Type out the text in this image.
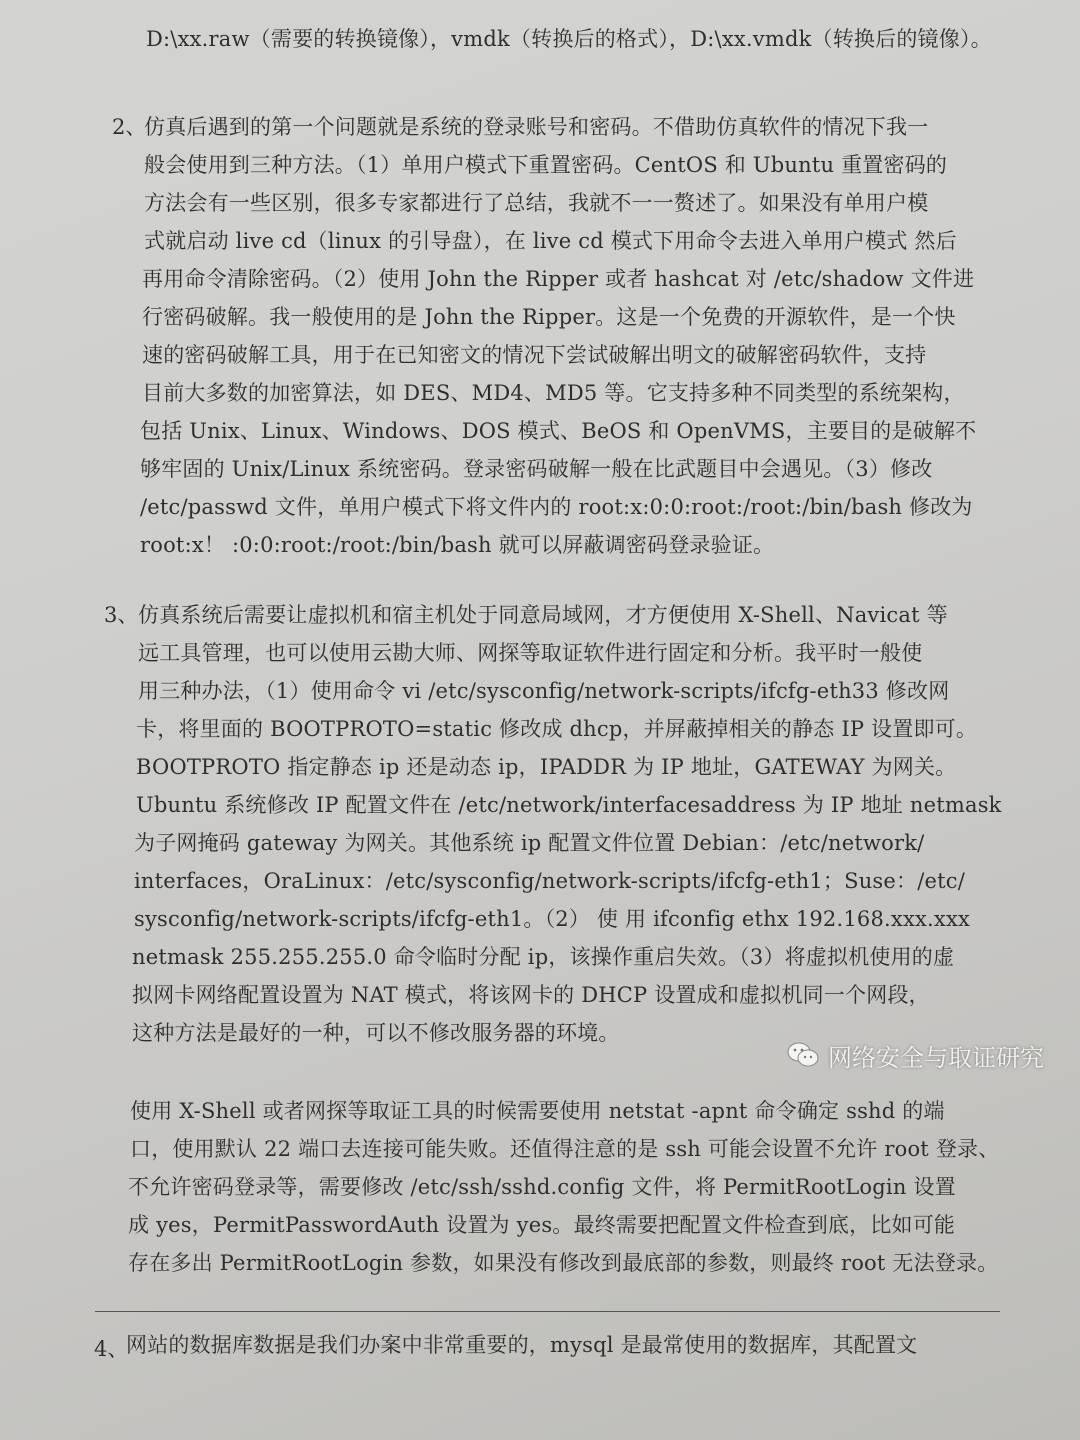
D:\xx.raw（需要的转换镜像），vmdk（转换后的格式），D:\xx.vmdk（转换后的镜像）。
2、
仿真后遇到的第一个问题就是系统的登录账号和密码。不借助仿真软件的情况下我一
般会使用到三种方法。（1）单用户模式下重置密码。CentOS 和 Ubuntu 重置密码的
方法会有一些区别，很多专家都进行了总结，我就不一一赘述了。如果没有单用户模
式就启动 live cd（linux 的引导盘），在 live cd 模式下用命令去进入单用户模式 然后
再用命令清除密码。（2）使用 John the Ripper 或者 hashcat 对 /etc/shadow 文件进
行密码破解。我一般使用的是 John the Ripper。这是一个免费的开源软件，是一个快
速的密码破解工具，用于在已知密文的情况下尝试破解出明文的破解密码软件，支持
目前大多数的加密算法，如 DES、MD4、MD5 等。它支持多种不同类型的系统架构，
包括 Unix、Linux、Windows、DOS 模式、BeOS 和 OpenVMS，主要目的是破解不
够牢固的 Unix/Linux 系统密码。登录密码破解一般在比武题目中会遇见。（3）修改
/etc/passwd 文件，单用户模式下将文件内的 root:x:0:0:root:/root:/bin/bash 修改为
root:x！ :0:0:root:/root:/bin/bash 就可以屏蔽调密码登录验证。
3、 仿真系统后需要让虚拟机和宿主机处于同意局域网，才方便使用 X-Shell、Navicat 等
远工具管理，也可以使用云勘大师、网探等取证软件进行固定和分析。我平时一般使
用三种办法，（1）使用命令 vi /etc/sysconfig/network-scripts/ifcfg-eth33 修改网
卡，将里面的 BOOTPROTO=static 修改成 dhcp，并屏蔽掉相关的静态 IP 设置即可。
BOOTPROTO 指定静态 ip 还是动态 ip，IPADDR 为 IP 地址，GATEWAY 为网关。
Ubuntu 系统修改 IP 配置文件在 /etc/network/interfacesaddress 为 IP 地址 netmask
为子网掩码 gateway 为网关。其他系统 ip 配置文件位置 Debian：/etc/network/
interfaces，OraLinux：/etc/sysconfig/network-scripts/ifcfg-eth1；Suse：/etc/
sysconfig/network-scripts/ifcfg-eth1。（2） 使 用 ifconfig ethx 192.168.xxx.xxx
netmask 255.255.255.0 命令临时分配 ip，该操作重启失效。（3）将虚拟机使用的虚
拟网卡网络配置设置为 NAT 模式，将该网卡的 DHCP 设置成和虚拟机同一个网段，
这种方法是最好的一种，可以不修改服务器的环境。
使用 X-Shell 或者网探等取证工具的时候需要使用 netstat -apnt 命令确定 sshd 的端
口，使用默认 22 端口去连接可能失败。还值得注意的是 ssh 可能会设置不允许 root 登录、
不允许密码登录等，需要修改 /etc/ssh/sshd.config 文件，将 PermitRootLogin 设置
成 yes，PermitPasswordAuth 设置为 yes。最终需要把配置文件检查到底，比如可能
存在多出 PermitRootLogin 参数，如果没有修改到最底部的参数，则最终 root 无法登录。
4、
网站的数据库数据是我们办案中非常重要的，mysql 是最常使用的数据库，其配置文
网络安全与取证研究
